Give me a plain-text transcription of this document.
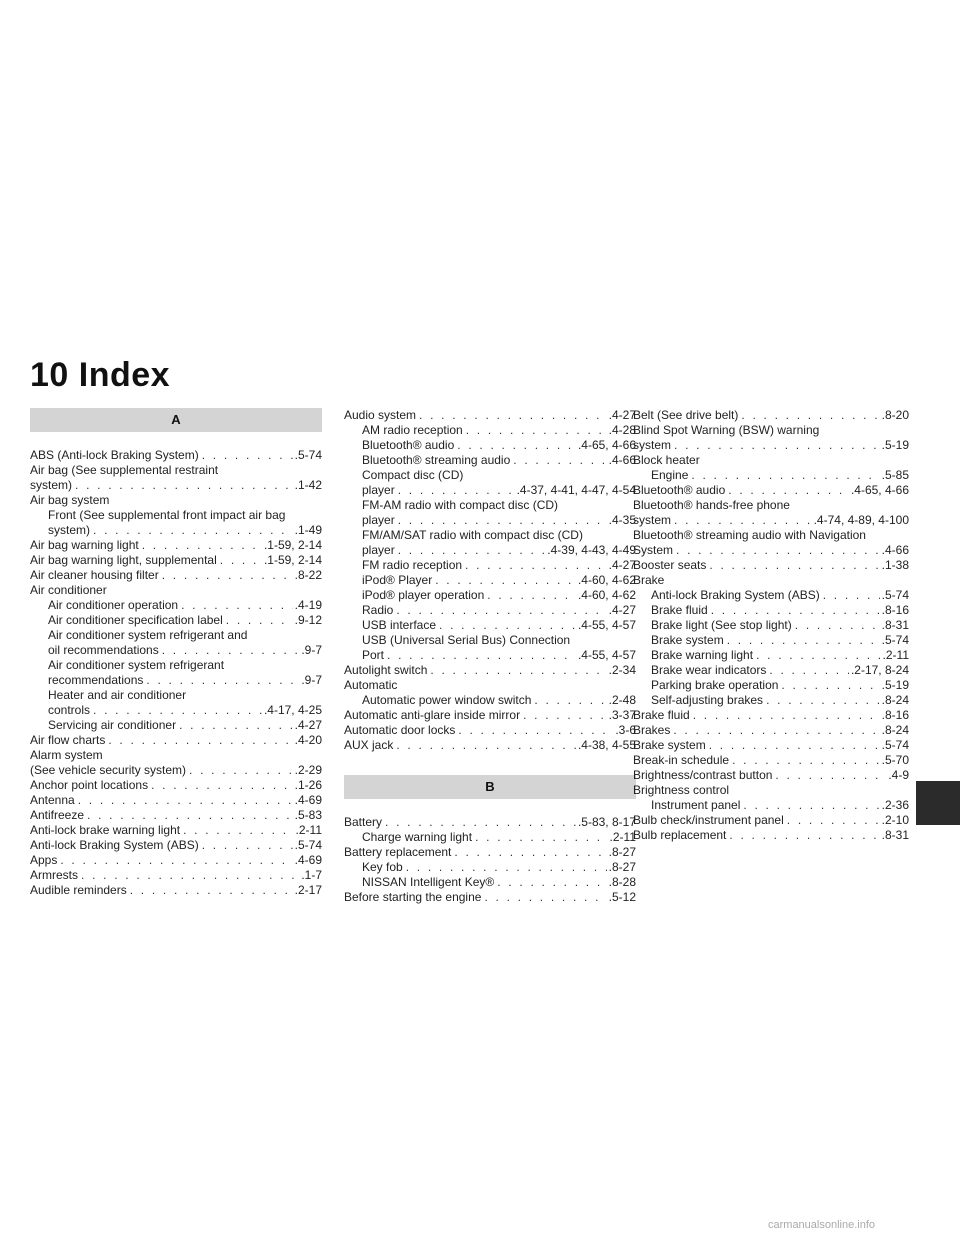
10 Index
A
ABS (Anti-lock Braking System) . . .	.5-74
Air bag (See supplemental restraint
system) . . .	.1-42
Air bag system
Front (See supplemental front impact air bag
system) . . .	.1-49
Air bag warning light . . .	.1-59, 2-14
Air bag warning light, supplemental . . .	.1-59, 2-14
Air cleaner housing filter . . .	.8-22
Air conditioner
Air conditioner operation . . .	.4-19
Air conditioner specification label . . .	.9-12
Air conditioner system refrigerant and
oil recommendations . . .	.9-7
Air conditioner system refrigerant
recommendations . . .	.9-7
Heater and air conditioner
controls . . .	.4-17, 4-25
Servicing air conditioner . . .	.4-27
Air flow charts . . .	.4-20
Alarm system
(See vehicle security system) . . .	.2-29
Anchor point locations . . .	.1-26
Antenna . . .	.4-69
Antifreeze . . .	.5-83
Anti-lock brake warning light . . .	.2-11
Anti-lock Braking System (ABS) . . .	.5-74
Apps . . .	.4-69
Armrests . . .	.1-7
Audible reminders . . .	.2-17
Audio system . . .	.4-27
AM radio reception . . .	.4-28
Bluetooth® audio . . .	.4-65, 4-66
Bluetooth® streaming audio . . .	.4-66
Compact disc (CD)
player . . .	.4-37, 4-41, 4-47, 4-54
FM-AM radio with compact disc (CD)
player . . .	.4-35
FM/AM/SAT radio with compact disc (CD)
player . . .	.4-39, 4-43, 4-49
FM radio reception . . .	.4-27
iPod® Player . . .	.4-60, 4-62
iPod® player operation . . .	.4-60, 4-62
Radio . . .	.4-27
USB interface . . .	.4-55, 4-57
USB (Universal Serial Bus) Connection
Port . . .	.4-55, 4-57
Autolight switch . . .	.2-34
Automatic
Automatic power window switch . . .	.2-48
Automatic anti-glare inside mirror . . .	.3-37
Automatic door locks . . .	.3-6
AUX jack . . .	.4-38, 4-55
B
Battery . . .	.5-83, 8-17
Charge warning light . . .	.2-11
Battery replacement . . .	.8-27
Key fob . . .	.8-27
NISSAN Intelligent Key® . . .	.8-28
Before starting the engine . . .	.5-12
Belt (See drive belt) . . .	.8-20
Blind Spot Warning (BSW) warning
system . . .	.5-19
Block heater
Engine . . .	.5-85
Bluetooth® audio . . .	.4-65, 4-66
Bluetooth® hands-free phone
system . . .	.4-74, 4-89, 4-100
Bluetooth® streaming audio with Navigation
System . . .	.4-66
Booster seats . . .	.1-38
Brake
Anti-lock Braking System (ABS) . . .	.5-74
Brake fluid . . .	.8-16
Brake light (See stop light) . . .	.8-31
Brake system . . .	.5-74
Brake warning light . . .	.2-11
Brake wear indicators . . .	.2-17, 8-24
Parking brake operation . . .	.5-19
Self-adjusting brakes . . .	.8-24
Brake fluid . . .	.8-16
Brakes . . .	.8-24
Brake system . . .	.5-74
Break-in schedule . . .	.5-70
Brightness/contrast button . . .	.4-9
Brightness control
Instrument panel . . .	.2-36
Bulb check/instrument panel . . .	.2-10
Bulb replacement . . .	.8-31
carmanualsonline.info
